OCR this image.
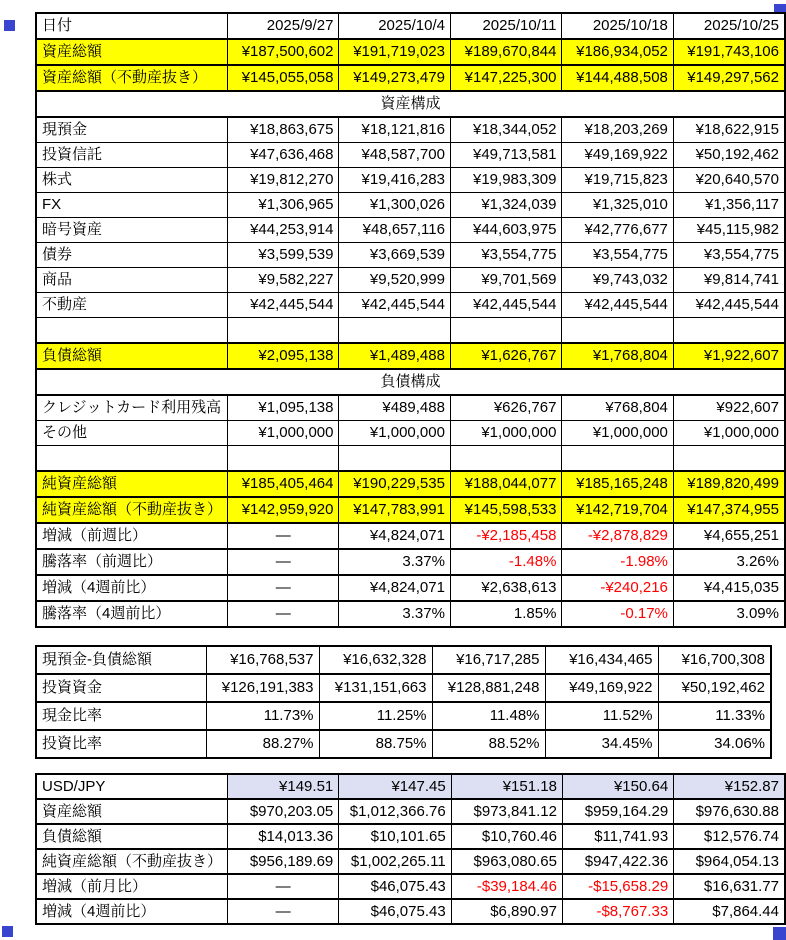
日付	2025/9/27	2025/10/4	2025/10/11	2025/10/18	2025/10/25
資産総額	¥187,500,602	¥191,719,023	¥189,670,844	¥186,934,052	¥191,743,106
資産総額（不動産抜き）	¥145,055,058	¥149,273,479	¥147,225,300	¥144,488,508	¥149,297,562
資産構成					
現預金	¥18,863,675	¥18,121,816	¥18,344,052	¥18,203,269	¥18,622,915
投資信託	¥47,636,468	¥48,587,700	¥49,713,581	¥49,169,922	¥50,192,462
株式	¥19,812,270	¥19,416,283	¥19,983,309	¥19,715,823	¥20,640,570
FX	¥1,306,965	¥1,300,026	¥1,324,039	¥1,325,010	¥1,356,117
暗号資産	¥44,253,914	¥48,657,116	¥44,603,975	¥42,776,677	¥45,115,982
債券	¥3,599,539	¥3,669,539	¥3,554,775	¥3,554,775	¥3,554,775
商品	¥9,582,227	¥9,520,999	¥9,701,569	¥9,743,032	¥9,814,741
不動産	¥42,445,544	¥42,445,544	¥42,445,544	¥42,445,544	¥42,445,544

負債総額	¥2,095,138	¥1,489,488	¥1,626,767	¥1,768,804	¥1,922,607
負債構成					
クレジットカード利用残高	¥1,095,138	¥489,488	¥626,767	¥768,804	¥922,607
その他	¥1,000,000	¥1,000,000	¥1,000,000	¥1,000,000	¥1,000,000

純資産総額	¥185,405,464	¥190,229,535	¥188,044,077	¥185,165,248	¥189,820,499
純資産総額（不動産抜き）	¥142,959,920	¥147,783,991	¥145,598,533	¥142,719,704	¥147,374,955
増減（前週比）	—	¥4,824,071	-¥2,185,458	-¥2,878,829	¥4,655,251
騰落率（前週比）	—	3.37%	-1.48%	-1.98%	3.26%
増減（4週前比）	—	¥4,824,071	¥2,638,613	-¥240,216	¥4,415,035
騰落率（4週前比）	—	3.37%	1.85%	-0.17%	3.09%
現預金-負債総額	¥16,768,537	¥16,632,328	¥16,717,285	¥16,434,465	¥16,700,308
投資資金	¥126,191,383	¥131,151,663	¥128,881,248	¥49,169,922	¥50,192,462
現金比率	11.73%	11.25%	11.48%	11.52%	11.33%
投資比率	88.27%	88.75%	88.52%	34.45%	34.06%
USD/JPY	¥149.51	¥147.45	¥151.18	¥150.64	¥152.87
資産総額	$970,203.05	$1,012,366.76	$973,841.12	$959,164.29	$976,630.88
負債総額	$14,013.36	$10,101.65	$10,760.46	$11,741.93	$12,576.74
純資産総額（不動産抜き）	$956,189.69	$1,002,265.11	$963,080.65	$947,422.36	$964,054.13
増減（前月比）	—	$46,075.43	-$39,184.46	-$15,658.29	$16,631.77
増減（4週前比）	—	$46,075.43	$6,890.97	-$8,767.33	$7,864.44
